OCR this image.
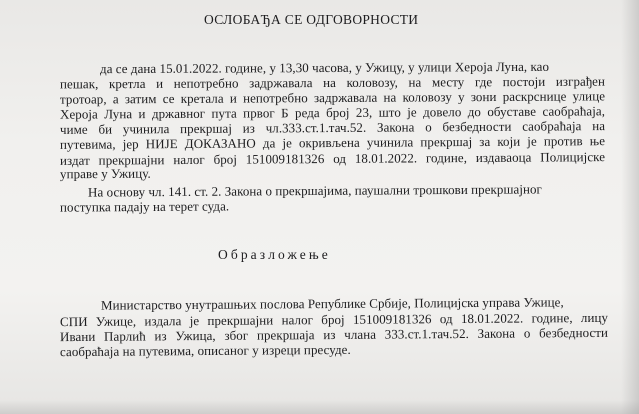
ОСЛОБАЂА СЕ ОДГОВОРНОСТИ
да се дана 15.01.2022. године, у 13,30 часова, у Ужицу, у улици Хероја Луна, као
пешак, кретла и непотребно задржавала на коловозу, на месту где постоји изграђен
тротоар, а затим се кретала и непотребно задржавала на коловозу у зони раскрснице улице
Хероја Луна и државног пута првог Б реда број 23, што је довело до обуставе саобраћаја,
чиме би учинила прекршај из чл.333.ст.1.тач.52. Закона о безбедности саобраћаја на
путевима, јер НИЈЕ ДОКАЗАНО да је окривљена учинила прекршај за који је против ње
издат прекршајни налог број 151009181326 од 18.01.2022. године, издаваоца Полицијске
управе у Ужицу.
На основу чл. 141. ст. 2. Закона о прекршајима, паушални трошкови прекршајног
поступка падају на терет суда.
Образложење
Министарство унутрашњих послова Републике Србије, Полицијска управа Ужице,
СПИ Ужице, издала је прекршајни налог број 151009181326 од 18.01.2022. године, лицу
Ивани Парлић из Ужица, због прекршаја из члана 333.ст.1.тач.52. Закона о безбедности
саобраћаја на путевима, описаног у изреци пресуде.
